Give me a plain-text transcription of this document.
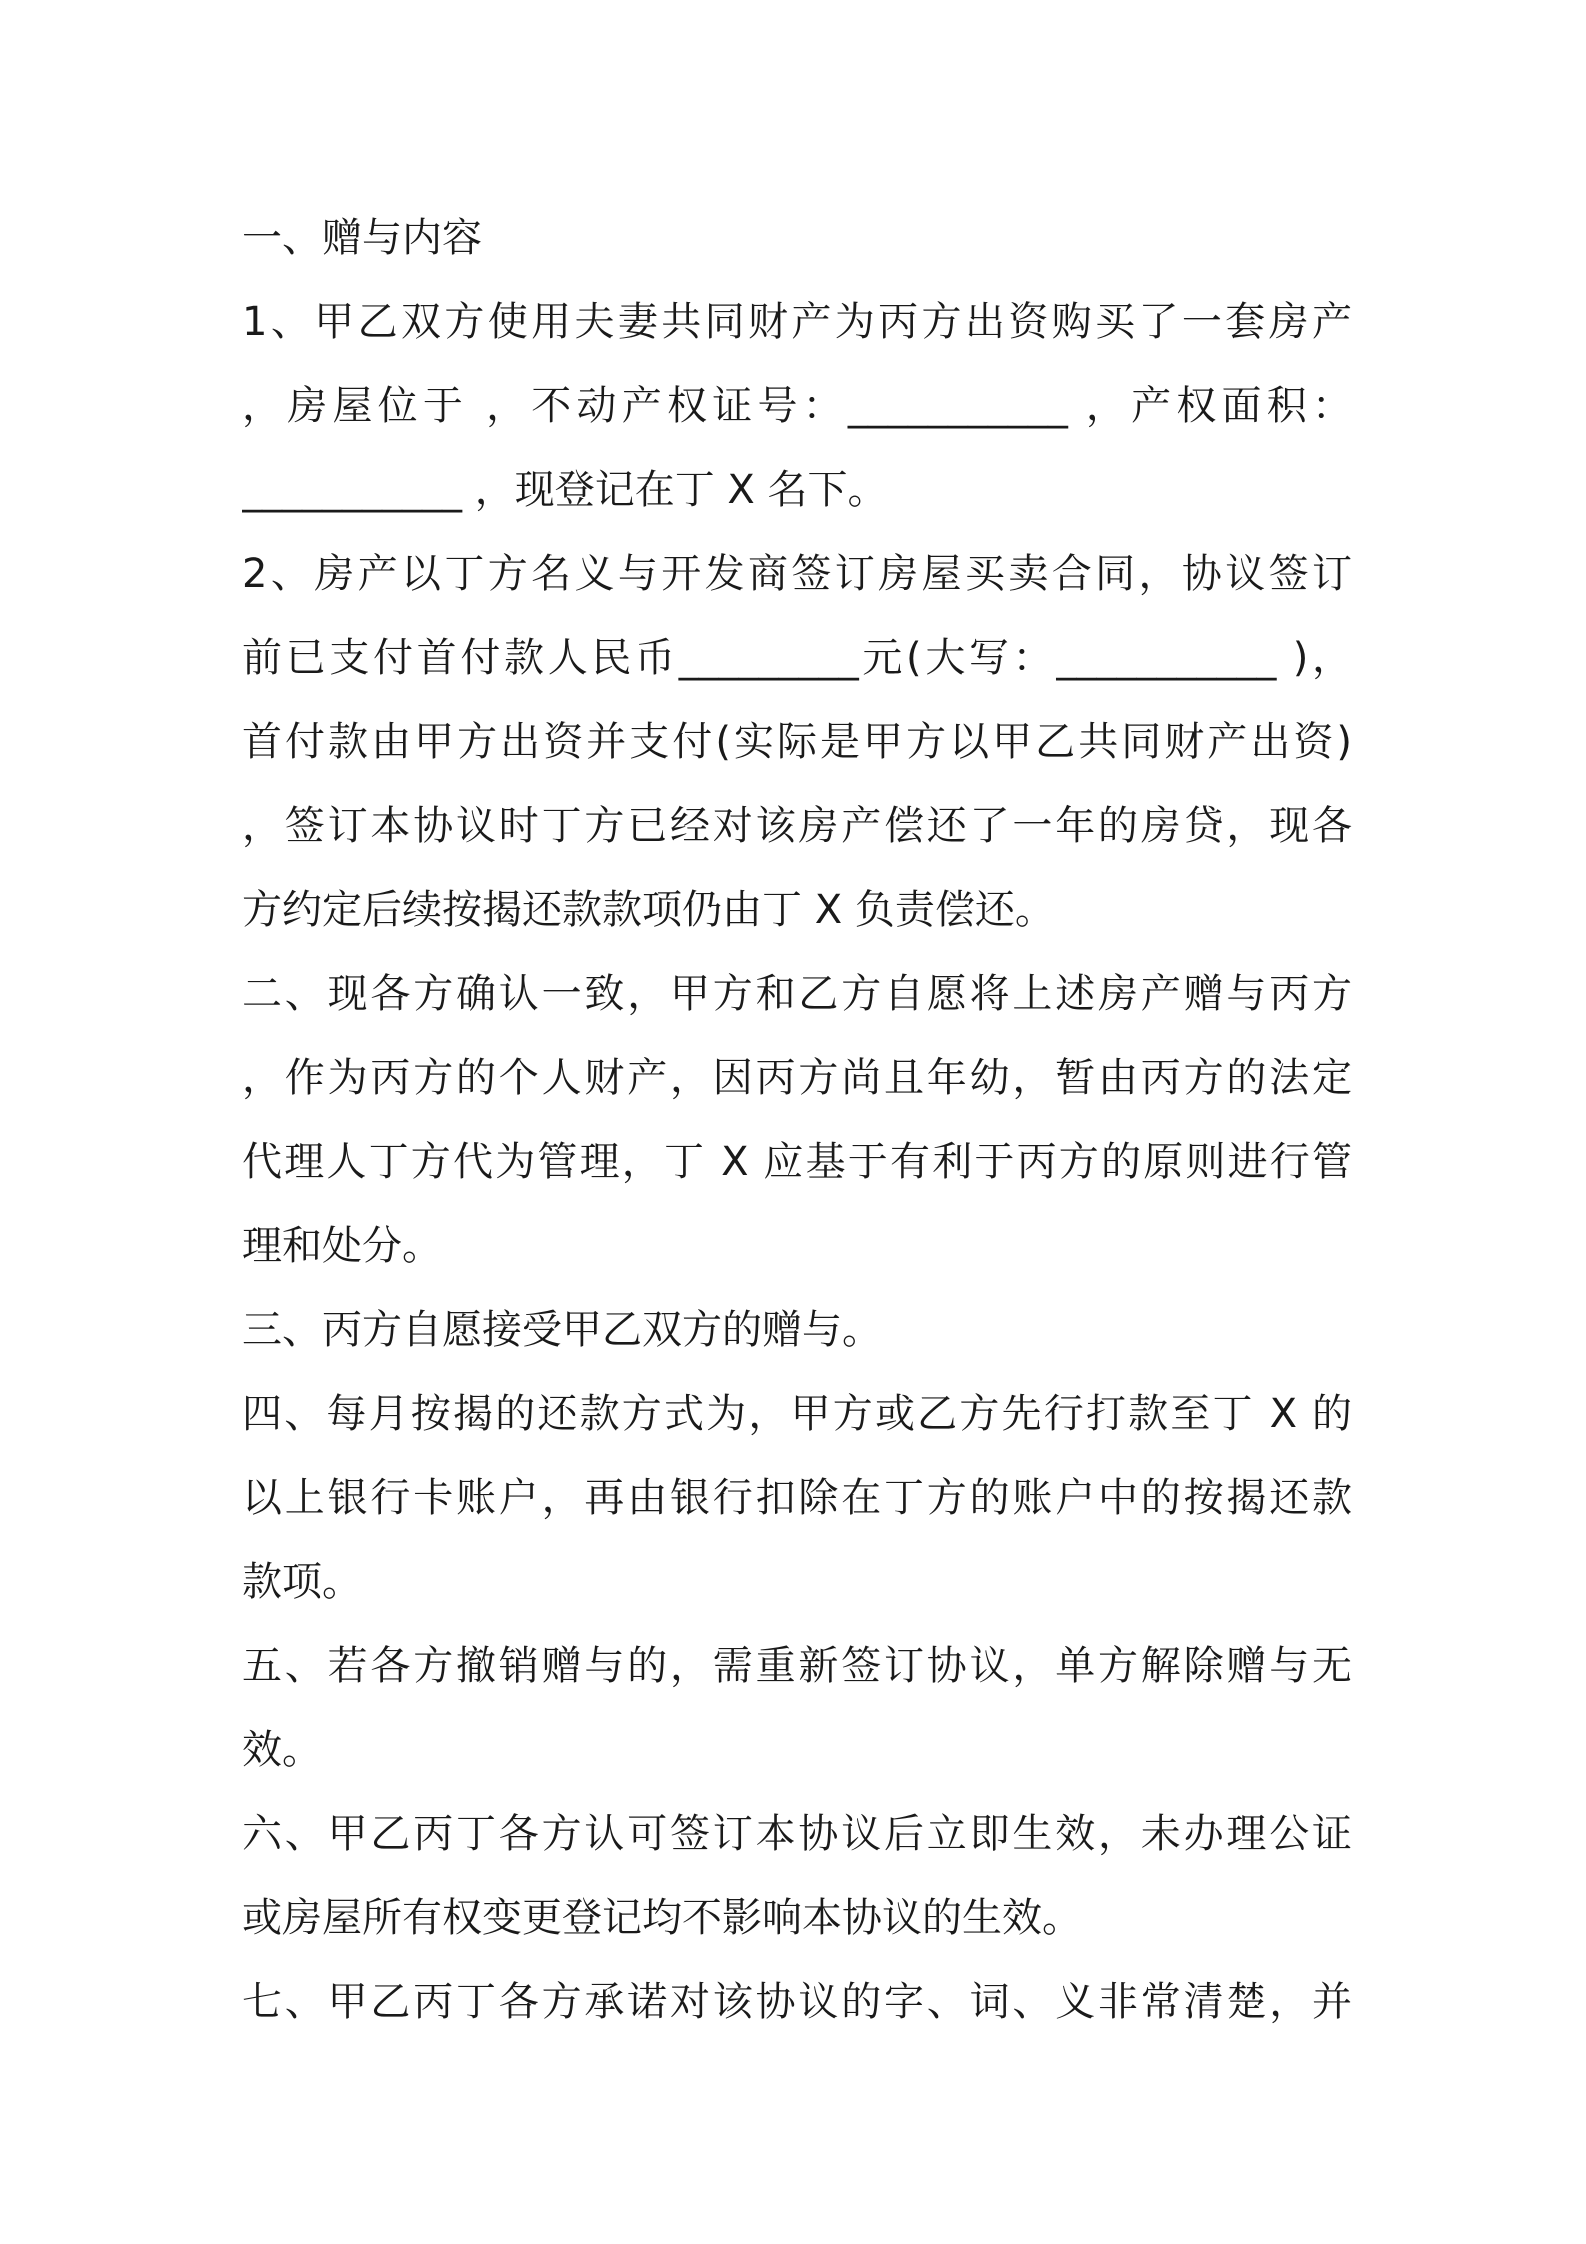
一、赠与内容
1、甲乙双方使用夫妻共同财产为丙方出资购买了一套房产
，房屋位于 ，不动产权证号：___________ ，产权面积：
___________ ，现登记在丁 X 名下。
2、房产以丁方名义与开发商签订房屋买卖合同，协议签订
前已支付首付款人民币_________元(大写：___________ )，
首付款由甲方出资并支付(实际是甲方以甲乙共同财产出资)
，签订本协议时丁方已经对该房产偿还了一年的房贷，现各
方约定后续按揭还款款项仍由丁 X 负责偿还。
二、现各方确认一致，甲方和乙方自愿将上述房产赠与丙方
，作为丙方的个人财产，因丙方尚且年幼，暂由丙方的法定
代理人丁方代为管理，丁 X 应基于有利于丙方的原则进行管
理和处分。
三、丙方自愿接受甲乙双方的赠与。
四、每月按揭的还款方式为，甲方或乙方先行打款至丁 X 的
以上银行卡账户，再由银行扣除在丁方的账户中的按揭还款
款项。
五、若各方撤销赠与的，需重新签订协议，单方解除赠与无
效。
六、甲乙丙丁各方认可签订本协议后立即生效，未办理公证
或房屋所有权变更登记均不影响本协议的生效。
七、甲乙丙丁各方承诺对该协议的字、词、义非常清楚，并
